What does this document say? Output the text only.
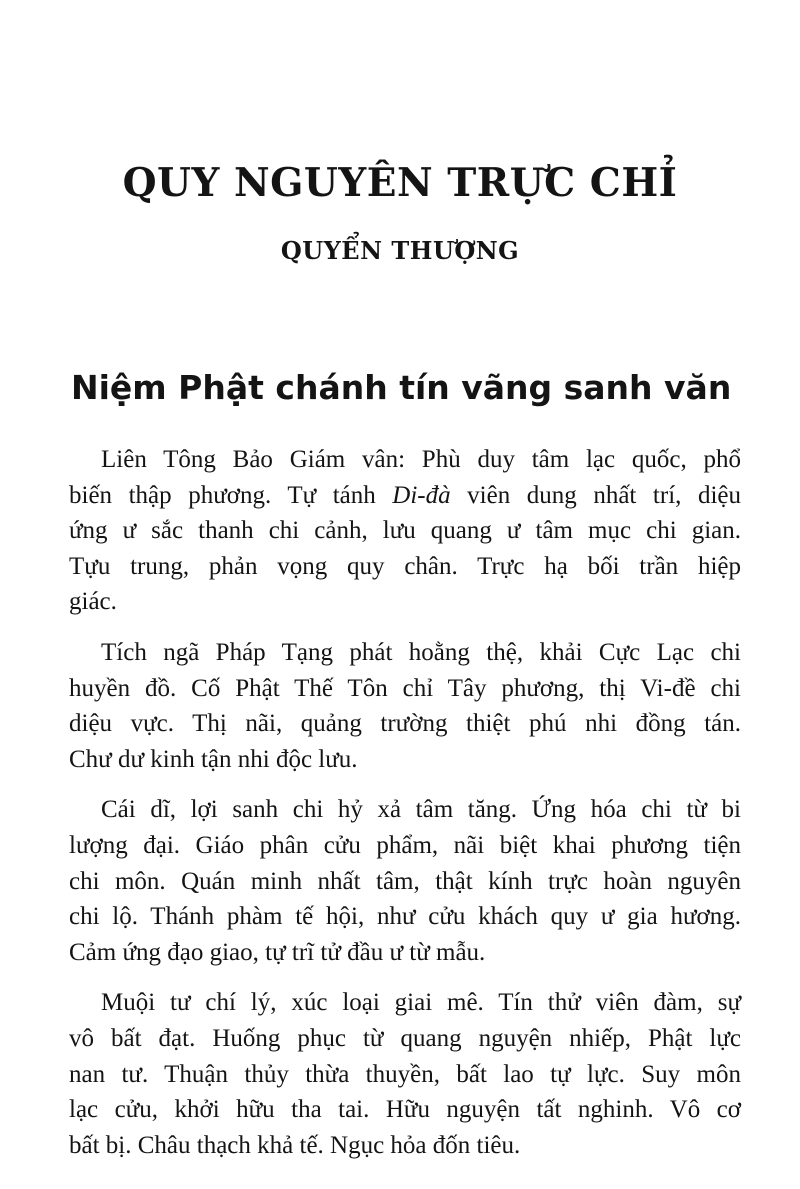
QUY NGUYÊN TRỰC CHỈ
QUYỂN THƯỢNG
Niệm Phật chánh tín vãng sanh văn

Liên Tông Bảo Giám vân: Phù duy tâm lạc quốc, phổ
biến thập phương. Tự tánh Di-đà viên dung nhất trí, diệu
ứng ư sắc thanh chi cảnh, lưu quang ư tâm mục chi gian.
Tựu trung, phản vọng quy chân. Trực hạ bối trần hiệp
giác.

Tích ngã Pháp Tạng phát hoằng thệ, khải Cực Lạc chi
huyền đồ. Cố Phật Thế Tôn chỉ Tây phương, thị Vi-đề chi
diệu vực. Thị nãi, quảng trường thiệt phú nhi đồng tán.
Chư dư kinh tận nhi độc lưu.

Cái dĩ, lợi sanh chi hỷ xả tâm tăng. Ứng hóa chi từ bi
lượng đại. Giáo phân cửu phẩm, nãi biệt khai phương tiện
chi môn. Quán minh nhất tâm, thật kính trực hoàn nguyên
chi lộ. Thánh phàm tế hội, như cửu khách quy ư gia hương.
Cảm ứng đạo giao, tự trĩ tử đầu ư từ mẫu.

Muội tư chí lý, xúc loại giai mê. Tín thử viên đàm, sự
vô bất đạt. Huống phục từ quang nguyện nhiếp, Phật lực
nan tư. Thuận thủy thừa thuyền, bất lao tự lực. Suy môn
lạc cửu, khởi hữu tha tai. Hữu nguyện tất nghinh. Vô cơ
bất bị. Châu thạch khả tế. Ngục hỏa đốn tiêu.
